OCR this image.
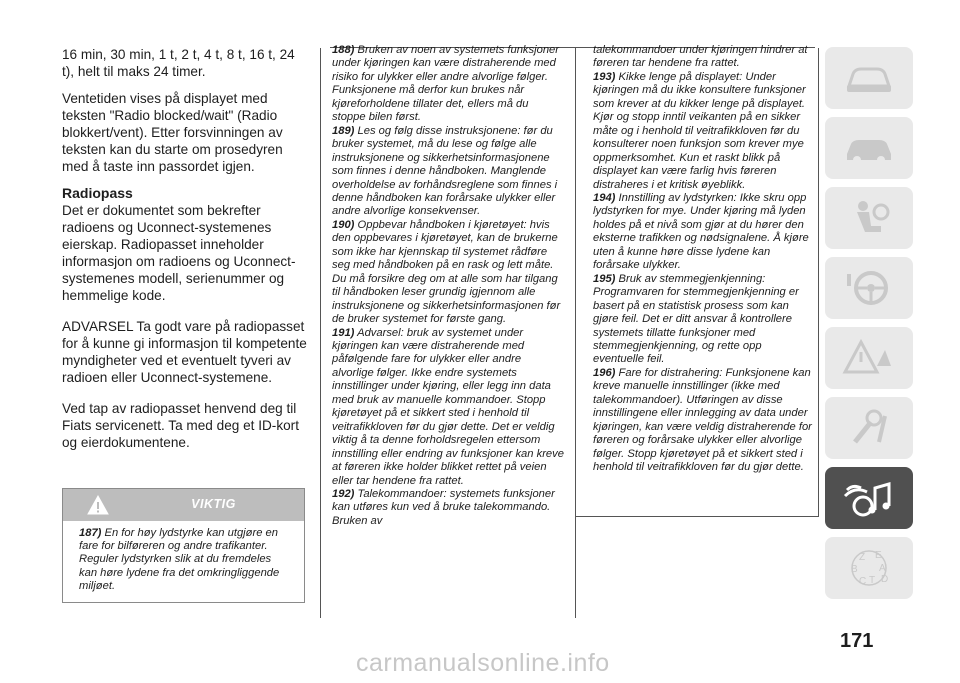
16 min, 30 min, 1 t, 2 t, 4 t, 8 t, 16 t, 24 t), helt til maks 24 timer.

Ventetiden vises på displayet med teksten "Radio blocked/wait" (Radio blokkert/vent). Etter forsvinningen av teksten kan du starte om prosedyren med å taste inn passordet igjen.

Radiopass

Det er dokumentet som bekrefter radioens og Uconnect-systemenes eierskap. Radiopasset inneholder informasjon om radioens og Uconnect-systemenes modell, serienummer og hemmelige kode.

ADVARSEL Ta godt vare på radiopasset for å kunne gi informasjon til kompetente myndigheter ved et eventuelt tyveri av radioen eller Uconnect-systemene.

Ved tap av radiopasset henvend deg til Fiats servicenett. Ta med deg et ID-kort og eierdokumentene.

VIKTIG
187) En for høy lydstyrke kan utgjøre en fare for bilføreren og andre trafikanter. Reguler lydstyrken slik at du fremdeles kan høre lydene fra det omkringliggende miljøet.

188) Bruken av noen av systemets funksjoner under kjøringen kan være distraherende med risiko for ulykker eller andre alvorlige følger. Funksjonene må derfor kun brukes når kjøreforholdene tillater det, ellers må du stoppe bilen først.

189) Les og følg disse instruksjonene: før du bruker systemet, må du lese og følge alle instruksjonene og sikkerhetsinformasjonene som finnes i denne håndboken. Manglende overholdelse av forhåndsreglene som finnes i denne håndboken kan forårsake ulykker eller andre alvorlige konsekvenser.

190) Oppbevar håndboken i kjøretøyet: hvis den oppbevares i kjøretøyet, kan de brukerne som ikke har kjennskap til systemet rådføre seg med håndboken på en rask og lett måte. Du må forsikre deg om at alle som har tilgang til håndboken leser grundig igjennom alle instruksjonene og sikkerhetsinformasjonen før de bruker systemet for første gang.

191) Advarsel: bruk av systemet under kjøringen kan være distraherende med påfølgende fare for ulykker eller andre alvorlige følger. Ikke endre systemets innstillinger under kjøring, eller legg inn data med bruk av manuelle kommandoer. Stopp kjøretøyet på et sikkert sted i henhold til veitrafikkloven før du gjør dette. Det er veldig viktig å ta denne forholdsregelen ettersom innstilling eller endring av funksjoner kan kreve at føreren ikke holder blikket rettet på veien eller tar hendene fra rattet.

192) Talekommandoer: systemets funksjoner kan utføres kun ved å bruke talekommando. Bruken av

talekommandoer under kjøringen hindrer at føreren tar hendene fra rattet.

193) Kikke lenge på displayet: Under kjøringen må du ikke konsultere funksjoner som krever at du kikker lenge på displayet. Kjør og stopp inntil veikanten på en sikker måte og i henhold til veitrafikkloven før du konsulterer noen funksjon som krever mye oppmerksomhet. Kun et raskt blikk på displayet kan være farlig hvis føreren distraheres i et kritisk øyeblikk.

194) Innstilling av lydstyrken: Ikke skru opp lydstyrken for mye. Under kjøring må lyden holdes på et nivå som gjør at du hører den eksterne trafikken og nødsignalene. Å kjøre uten å kunne høre disse lydene kan forårsake ulykker.

195) Bruk av stemmegjenkjenning: Programvaren for stemmegjenkjenning er basert på en statistisk prosess som kan gjøre feil. Det er ditt ansvar å kontrollere systemets tillatte funksjoner med stemmegjenkjenning, og rette opp eventuelle feil.

196) Fare for distrahering: Funksjonene kan kreve manuelle innstillinger (ikke med talekommandoer). Utføringen av disse innstillingene eller innlegging av data under kjøringen, kan være veldig distraherende for føreren og forårsake ulykker eller alvorlige følger. Stopp kjøretøyet på et sikkert sted i henhold til veitrafikkloven før du gjør dette.

Z E
B A
C T D
171
carmanualsonline.info
